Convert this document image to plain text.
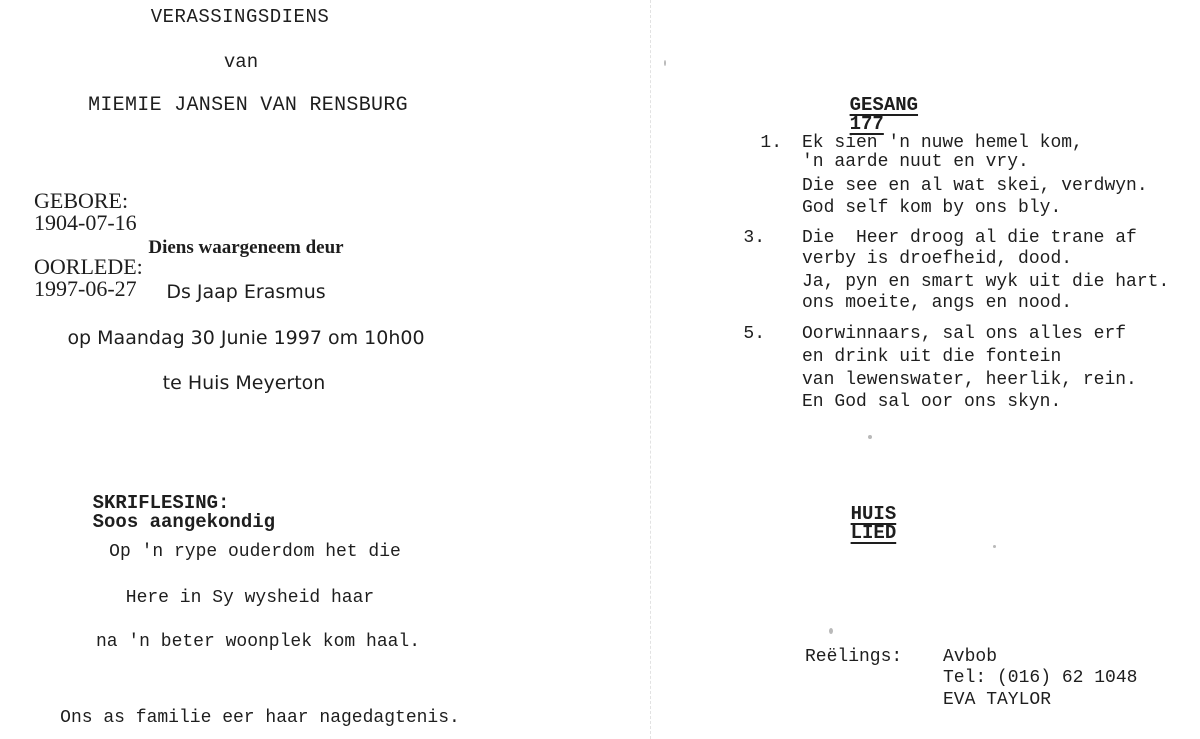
VERASSINGSDIENS
van
MIEMIE JANSEN VAN RENSBURG

GEBORE:
1904-07-16

OORLEDE:
1997-06-27

Diens waargeneem deur
Ds Jaap Erasmus
op Maandag 30 Junie 1997 om 10h00
te Huis Meyerton

SKRIFLESING:
Soos aangekondig

Op 'n rype ouderdom het die
Here in Sy wysheid haar
na 'n beter woonplek kom haal.
Ons as familie eer haar nagedagtenis.

GESANG
177

1. Ek sien 'n nuwe hemel kom,
'n aarde nuut en vry.
Die see en al wat skei, verdwyn.
God self kom by ons bly.
3. Die  Heer droog al die trane af
verby is droefheid, dood.
Ja, pyn en smart wyk uit die hart.
ons moeite, angs en nood.
5. Oorwinnaars, sal ons alles erf
en drink uit die fontein
van lewenswater, heerlik, rein.
En God sal oor ons skyn.

HUIS
LIED

Reëlings: Avbob
Tel: (016) 62 1048
EVA TAYLOR
